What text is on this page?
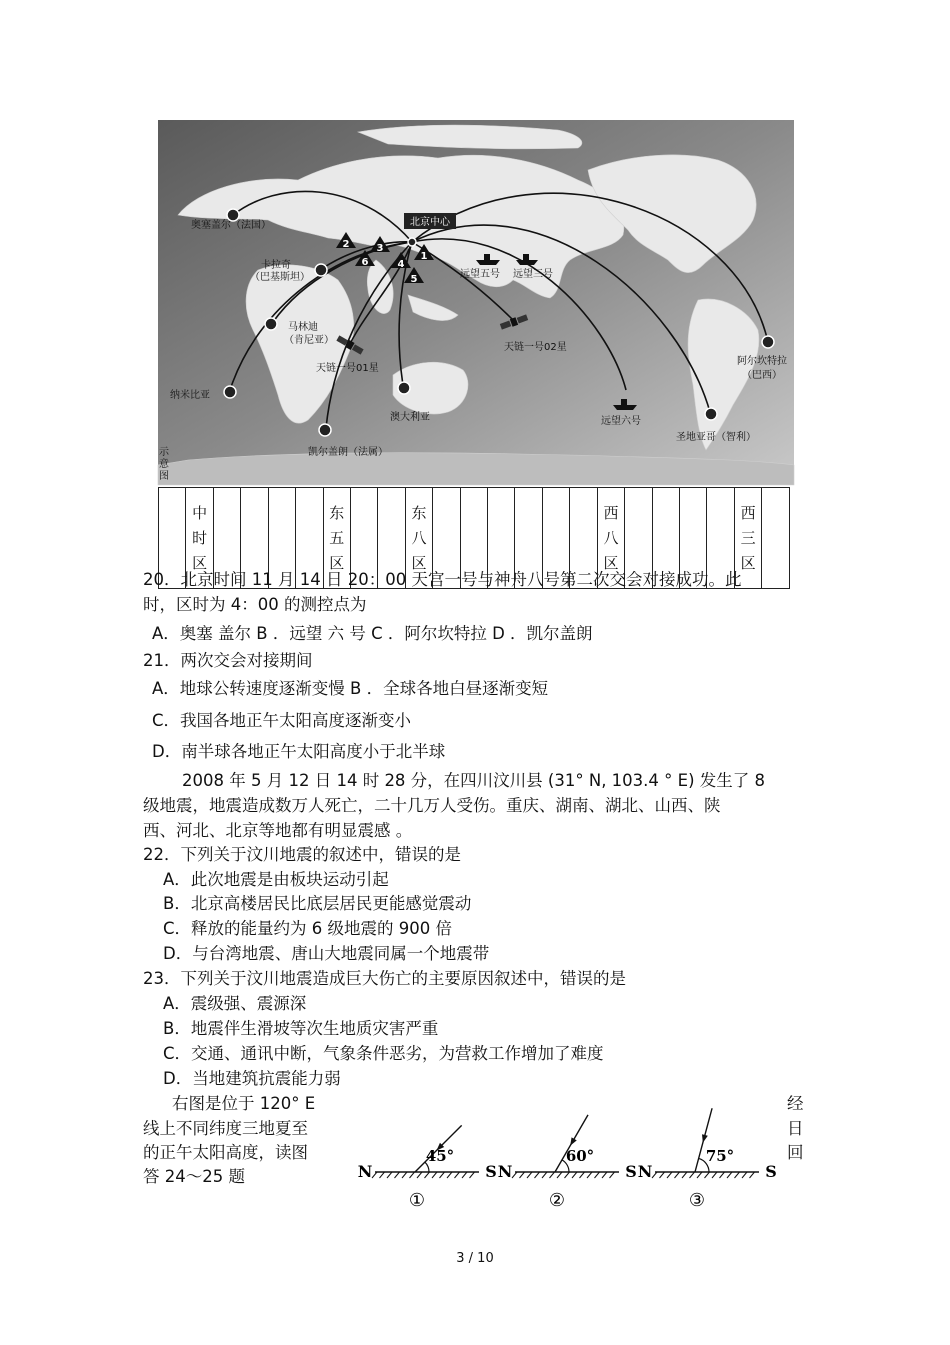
2
6
3
4
1
5
北京中心
奥塞盖尔（法国）
卡拉奇
（巴基斯坦）
马林迪
（肯尼亚）
纳米比亚
凯尔盖朗（法属）
澳大利亚	远望六号
圣地亚哥（智利）
阿尔坎特拉
（巴西）
远望五号 远望三号
天链一号01星
天链一号02星
示
意
图

中
时
区

东
五
区

东
八
区

西
八
区

西
三
区

20．北京时间 11 月 14 日 20：00 天宫一号与神舟八号第二次交会对接成功。此
时，区时为 4：00 的测控点为
A．奥塞 盖尔 B ．远望 六 号 C ．阿尔坎特拉 D ．凯尔盖朗
21．两次交会对接期间
A．地球公转速度逐渐变慢 B ．全球各地白昼逐渐变短
C．我国各地正午太阳高度逐渐变小
D．南半球各地正午太阳高度小于北半球
2008 年 5 月 12 日 14 时 28 分，在四川汶川县 (31° N, 103.4 ° E) 发生了 8
级地震，地震造成数万人死亡，二十几万人受伤。重庆、湖南、湖北、山西、陕
西、河北、北京等地都有明显震感 。
22．下列关于汶川地震的叙述中，错误的是
A．此次地震是由板块运动引起
B．北京高楼居民比底层居民更能感觉震动
C．释放的能量约为 6 级地震的 900 倍
D．与台湾地震、唐山大地震同属一个地震带
23．下列关于汶川地震造成巨大伤亡的主要原因叙述中，错误的是
A．震级强、震源深
B．地震伴生滑坡等次生地质灾害严重
C．交通、通讯中断，气象条件恶劣，为营救工作增加了难度
D．当地建筑抗震能力弱
右图是位于 120° E
线上不同纬度三地夏至
的正午太阳高度，读图
答 24～25 题
经
日
回
N	S
45°
①
N	S
60°
②
N	S
75°
③
3 / 10
